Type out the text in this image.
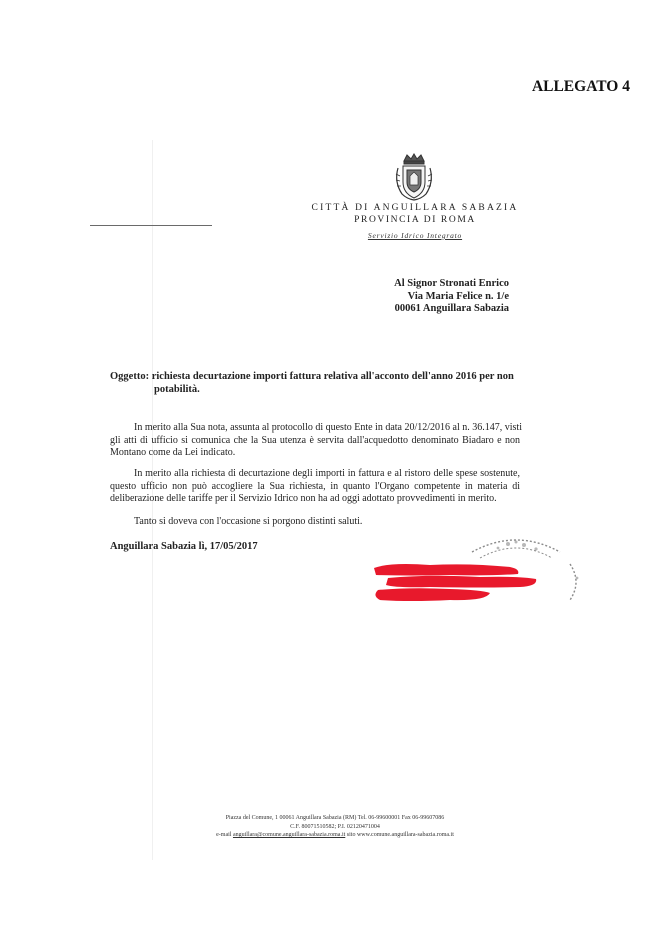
ALLEGATO 4
CITTÀ DI ANGUILLARA SABAZIA
PROVINCIA DI ROMA
Servizio Idrico Integrato
Al Signor Stronati Enrico
Via Maria Felice n. 1/e
00061 Anguillara Sabazia
Oggetto: richiesta decurtazione importi fattura relativa all'acconto dell'anno 2016 per non
potabilità.
In merito alla Sua nota, assunta al protocollo di questo Ente in data 20/12/2016 al n. 36.147, visti
gli atti di ufficio si comunica che la Sua utenza è servita dall'acquedotto denominato Biadaro e non
Montano come da Lei indicato.
In merito alla richiesta di decurtazione degli importi in fattura e al ristoro delle spese sostenute,
questo ufficio non può accogliere la Sua richiesta, in quanto l'Organo competente in materia di
deliberazione delle tariffe per il Servizio Idrico non ha ad oggi adottato provvedimenti in merito.
Tanto si doveva con l'occasione si porgono distinti saluti.
Anguillara Sabazia lì, 17/05/2017
Piazza del Comune, 1 00061 Anguillara Sabazia (RM) Tel. 06-99600001 Fax 06-99607086
C.F. 80071510582; P.I. 02120471004
e-mail anguillara@comune.anguillara-sabazia.roma.it sito www.comune.anguillara-sabazia.roma.it
